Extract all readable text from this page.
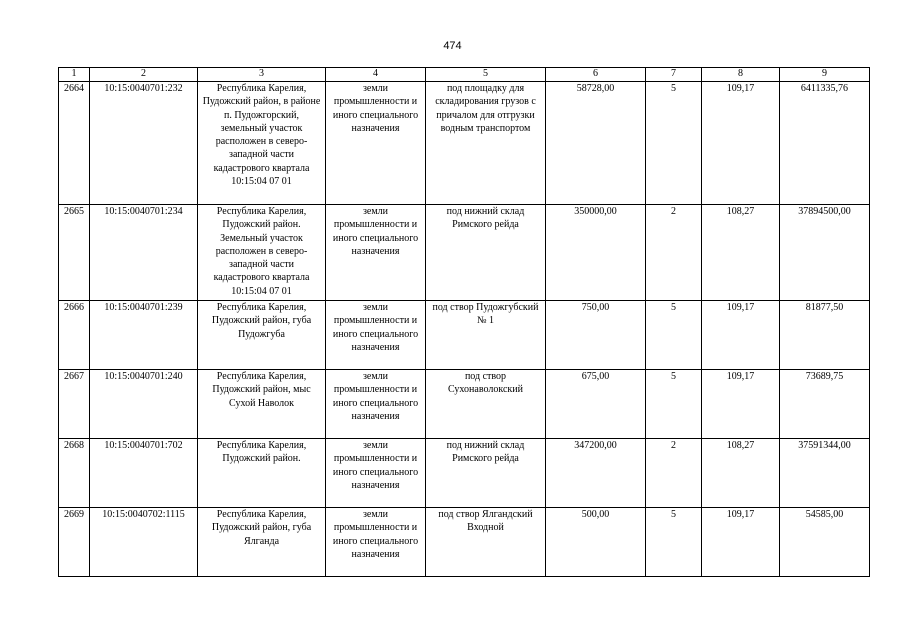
474
1	2	3	4	5	6	7	8	9
2664	10:15:0040701:232	Республика Карелия, Пудожский район, в районе п. Пудожгорский, земельный участок расположен в северо-западной части кадастрового квартала 10:15:04 07 01	земли промышленности и иного специального назначения	под площадку для складирования грузов с причалом для отгрузки водным транспортом	58728,00	5	109,17	6411335,76
2665	10:15:0040701:234	Республика Карелия, Пудожский район. Земельный участок расположен в северо-западной части кадастрового квартала 10:15:04 07 01	земли промышленности и иного специального назначения	под нижний склад Римского рейда	350000,00	2	108,27	37894500,00
2666	10:15:0040701:239	Республика Карелия, Пудожский район, губа Пудожгуба	земли промышленности и иного специального назначения	под створ Пудожгубский № 1	750,00	5	109,17	81877,50
2667	10:15:0040701:240	Республика Карелия, Пудожский район, мыс Сухой Наволок	земли промышленности и иного специального назначения	под створ Сухонаволокский	675,00	5	109,17	73689,75
2668	10:15:0040701:702	Республика Карелия, Пудожский район.	земли промышленности и иного специального назначения	под нижний склад Римского рейда	347200,00	2	108,27	37591344,00
2669	10:15:0040702:1115	Республика Карелия, Пудожский район, губа Ялганда	земли промышленности и иного специального назначения	под створ Ялгандский Входной	500,00	5	109,17	54585,00
